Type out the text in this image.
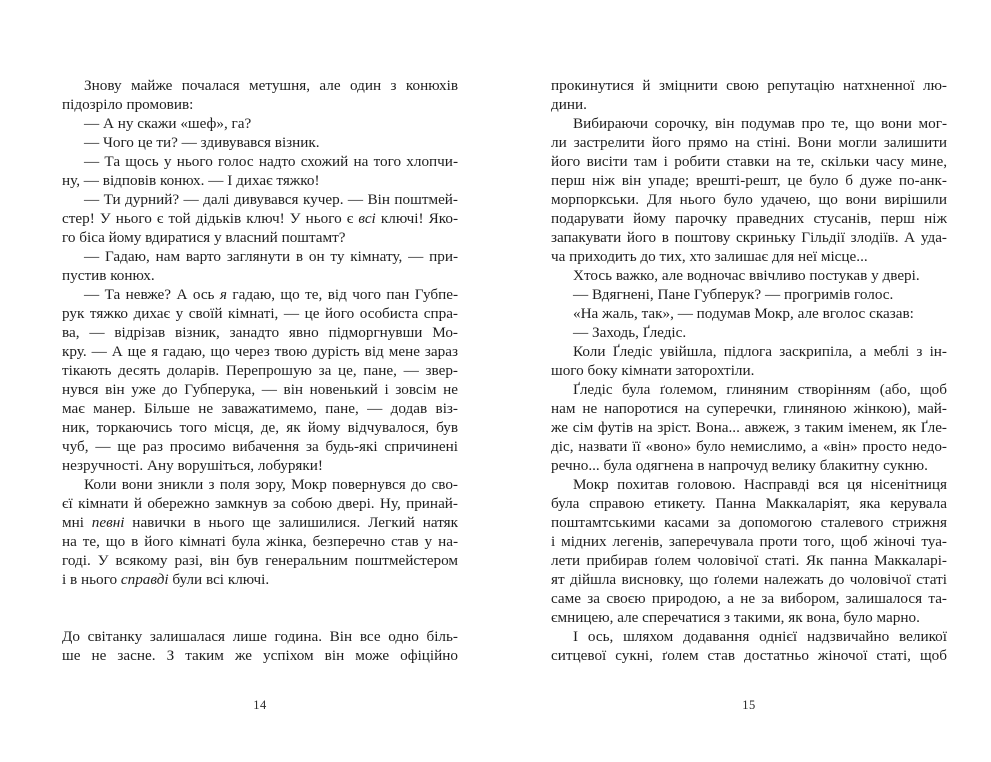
Знову майже почалася метушня, але один з конюхів
підозріло промовив:
— А ну скажи «шеф», га?
— Чого це ти? — здивувався візник.
— Та щось у нього голос надто схожий на того хлопчи-
ну, — відповів конюх. — І дихає тяжко!
— Ти дурний? — далі дивувався кучер. — Він поштмей-
стер! У нього є той дідьків ключ! У нього є всі ключі! Яко-
го біса йому вдиратися у власний поштамт?
— Гадаю, нам варто заглянути в он ту кімнату, — при-
пустив конюх.
— Та невже? А ось я гадаю, що те, від чого пан Губпе-
рук тяжко дихає у своїй кімнаті, — це його особиста спра-
ва, — відрізав візник, занадто явно підморгнувши Мо-
кру. — А ще я гадаю, що через твою дурість від мене зараз
тікають десять доларів. Перепрошую за це, пане, — звер-
нувся він уже до Губперука, — він новенький і зовсім не
має манер. Більше не заважатимемо, пане, — додав віз-
ник, торкаючись того місця, де, як йому відчувалося, був
чуб, — ще раз просимо вибачення за будь-які спричинені
незручності. Ану ворушіться, лобуряки!
Коли вони зникли з поля зору, Мокр повернувся до сво-
єї кімнати й обережно замкнув за собою двері. Ну, принай-
мні певні навички в нього ще залишилися. Легкий натяк
на те, що в його кімнаті була жінка, безперечно став у на-
годі. У всякому разі, він був генеральним поштмейстером
і в нього справді були всі ключі.

До світанку залишалася лише година. Він все одно біль-
ше не засне. З таким же успіхом він може офіційно
14
прокинутися й зміцнити свою репутацію натхненної лю-
дини.
Вибираючи сорочку, він подумав про те, що вони мог-
ли застрелити його прямо на стіні. Вони могли залишити
його висіти там і робити ставки на те, скільки часу мине,
перш ніж він упаде; врешті-решт, це було б дуже по-анк-
морпоркськи. Для нього було удачею, що вони вирішили
подарувати йому парочку праведних стусанів, перш ніж
запакувати його в поштову скриньку Гільдії злодіїв. А уда-
ча приходить до тих, хто залишає для неї місце...
Хтось важко, але водночас ввічливо постукав у двері.
— Вдягнені, Пане Губперук? — прогримів голос.
«На жаль, так», — подумав Мокр, але вголос сказав:
— Заходь, Ґледіс.
Коли Ґледіс увійшла, підлога заскрипіла, а меблі з ін-
шого боку кімнати заторохтіли.
Ґледіс була ґолемом, глиняним створінням (або, щоб
нам не напоротися на суперечки, глиняною жінкою), май-
же сім футів на зріст. Вона... авжеж, з таким іменем, як Ґле-
діс, назвати її «воно» було немислимо, а «він» просто недо-
речно... була одягнена в напрочуд велику блакитну сукню.
Мокр похитав головою. Насправді вся ця нісенітниця
була справою етикету. Панна Маккаларіят, яка керувала
поштамтськими касами за допомогою сталевого стрижня
і мідних легенів, заперечувала проти того, щоб жіночі туа-
лети прибирав ґолем чоловічої статі. Як панна Маккаларі-
ят дійшла висновку, що ґолеми належать до чоловічої статі
саме за своєю природою, а не за вибором, залишалося та-
ємницею, але сперечатися з такими, як вона, було марно.
І ось, шляхом додавання однієї надзвичайно великої
ситцевої сукні, ґолем став достатньо жіночої статі, щоб
15
